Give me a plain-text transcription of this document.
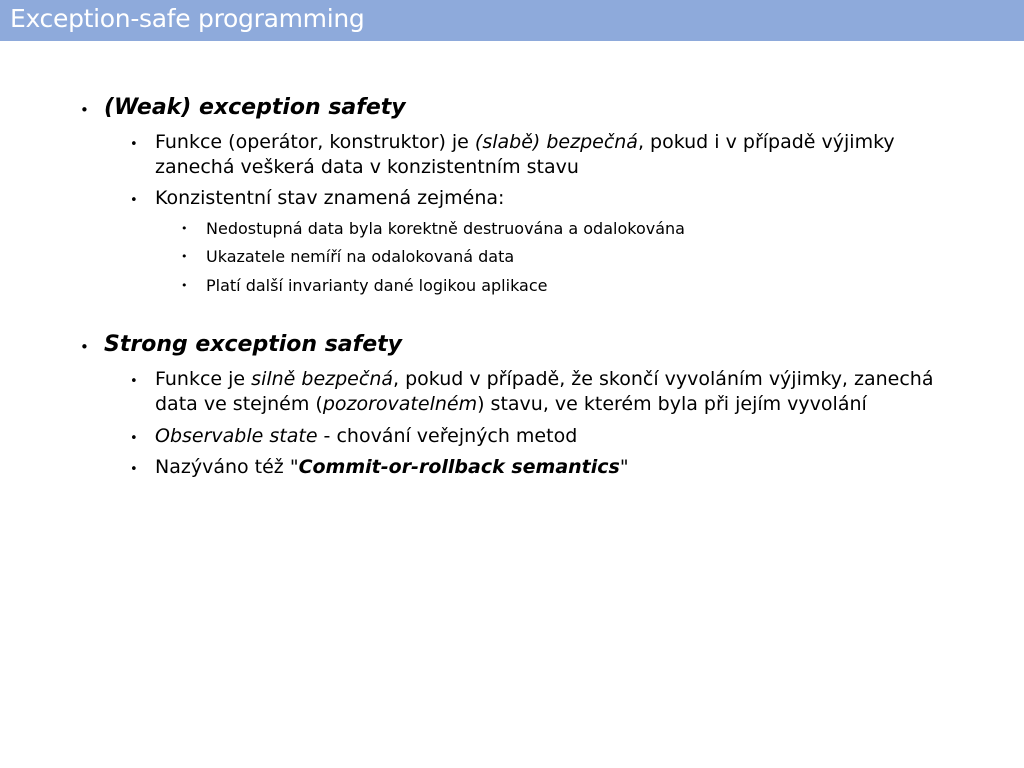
Exception-safe programming
• (Weak) exception safety
• Funkce (operátor, konstruktor) je (slabě) bezpečná, pokud i v případě výjimky
zanechá veškerá data v konzistentním stavu
• Konzistentní stav znamená zejména:
• Nedostupná data byla korektně destruována a odalokována
• Ukazatele nemíří na odalokovaná data
• Platí další invarianty dané logikou aplikace
• Strong exception safety
• Funkce je silně bezpečná, pokud v případě, že skončí vyvoláním výjimky, zanechá
data ve stejném (pozorovatelném) stavu, ve kterém byla při jejím vyvolání
• Observable state - chování veřejných metod
• Nazýváno též "Commit-or-rollback semantics"
